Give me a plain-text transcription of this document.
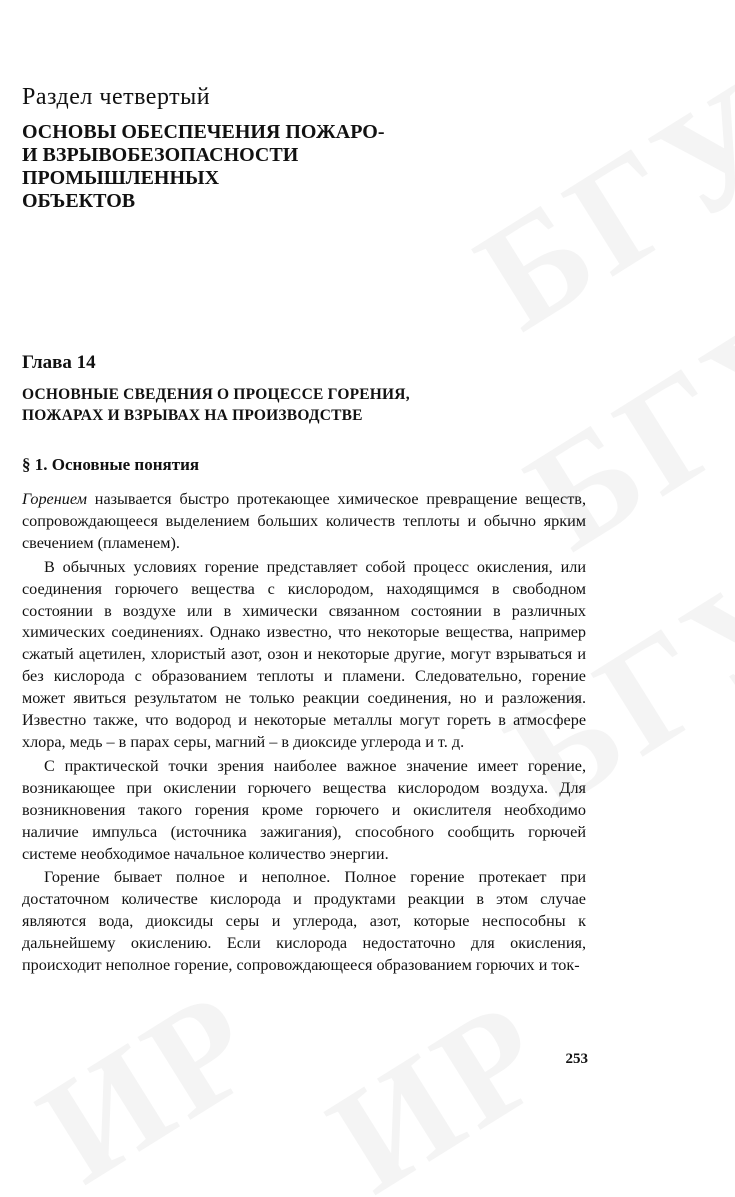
Раздел четвертый
ОСНОВЫ ОБЕСПЕЧЕНИЯ ПОЖАРО-
И ВЗРЫВОБЕЗОПАСНОСТИ
ПРОМЫШЛЕННЫХ
ОБЪЕКТОВ
Глава 14
ОСНОВНЫЕ СВЕДЕНИЯ О ПРОЦЕССЕ ГОРЕНИЯ,
ПОЖАРАХ И ВЗРЫВАХ НА ПРОИЗВОДСТВЕ
§ 1. Основные понятия

Горением называется быстро протекающее химическое превращение веществ, сопровождающееся выделением больших количеств теплоты и обычно ярким свечением (пламенем).

В обычных условиях горение представляет собой процесс окисления, или соединения горючего вещества с кислородом, находящимся в свободном состоянии в воздухе или в химически связанном состоянии в различных химических соединениях. Однако известно, что некоторые вещества, например сжатый ацетилен, хлористый азот, озон и некоторые другие, могут взрываться и без кислорода с образованием теплоты и пламени. Следовательно, горение может явиться результатом не только реакции соединения, но и разложения. Известно также, что водород и некоторые металлы могут гореть в атмосфере хлора, медь – в парах серы, магний – в диоксиде углерода и т. д.

С практической точки зрения наиболее важное значение имеет горение, возникающее при окислении горючего вещества кислородом воздуха. Для возникновения такого горения кроме горючего и окислителя необходимо наличие импульса (источника зажигания), способного сообщить горючей системе необходимое начальное количество энергии.

Горение бывает полное и неполное. Полное горение протекает при достаточном количестве кислорода и продуктами реакции в этом случае являются вода, диоксиды серы и углерода, азот, которые неспособны к дальнейшему окислению. Если кислорода недостаточно для окисления, происходит неполное горение, сопровождающееся образованием горючих и ток-

253
